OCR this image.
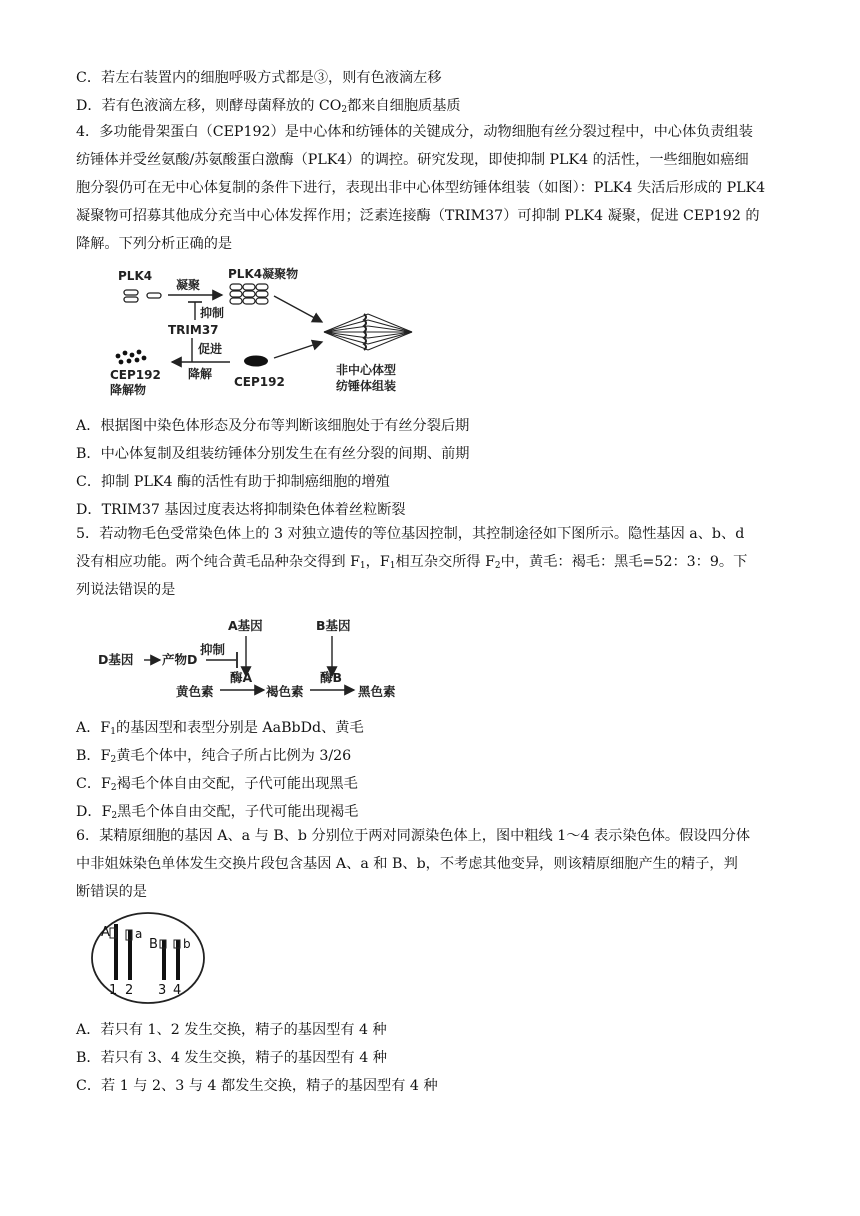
C．若左右装置内的细胞呼吸方式都是③，则有色液滴左移
D．若有色液滴左移，则酵母菌释放的 $CO_2$都来自细胞质基质
4．多功能骨架蛋白（CEP192）是中心体和纺锤体的关键成分，动物细胞有丝分裂过程中，中心体负责组装
纺锤体并受丝氨酸/苏氨酸蛋白激酶（PLK4）的调控。研究发现，即使抑制 PLK4 的活性，一些细胞如癌细
胞分裂仍可在无中心体复制的条件下进行，表现出非中心体型纺锤体组装（如图）：PLK4 失活后形成的 PLK4
凝聚物可招募其他成分充当中心体发挥作用；泛素连接酶（TRIM37）可抑制 PLK4 凝聚，促进 CEP192 的
降解。下列分析正确的是
PLK4
凝聚
PLK4凝聚物
抑制
TRIM37
促进
降解
CEP192
CEP192
降解物
非中心体型
纺锤体组装
A．根据图中染色体形态及分布等判断该细胞处于有丝分裂后期
B．中心体复制及组装纺锤体分别发生在有丝分裂的间期、前期
C．抑制 PLK4 酶的活性有助于抑制癌细胞的增殖
D．TRIM37 基因过度表达将抑制染色体着丝粒断裂
5．若动物毛色受常染色体上的 3 对独立遗传的等位基因控制，其控制途径如下图所示。隐性基因 a、b、d
没有相应功能。两个纯合黄毛品种杂交得到 $F_1$，$F_1$相互杂交所得 $F_2$中，黄毛：褐毛：黑毛=52：3：9。下
列说法错误的是
A基因	B基因
D基因 产物D
抑制
黄色素
酶A
褐色素
酶B
黑色素
A．$F_1$的基因型和表型分别是 AaBbDd、黄毛
B．$F_2$黄毛个体中，纯合子所占比例为 3/26
C．$F_2$褐毛个体自由交配，子代可能出现黑毛
D．$F_2$黑毛个体自由交配，子代可能出现褐毛
6．某精原细胞的基因 A、a 与 B、b 分别位于两对同源染色体上，图中粗线 1～4 表示染色体。假设四分体
中非姐妹染色单体发生交换片段包含基因 A、a 和 B、b，不考虑其他变异，则该精原细胞产生的精子，判
断错误的是
A a
B b
1 2 3 4
A．若只有 1、2 发生交换，精子的基因型有 4 种
B．若只有 3、4 发生交换，精子的基因型有 4 种
C．若 1 与 2、3 与 4 都发生交换，精子的基因型有 4 种
